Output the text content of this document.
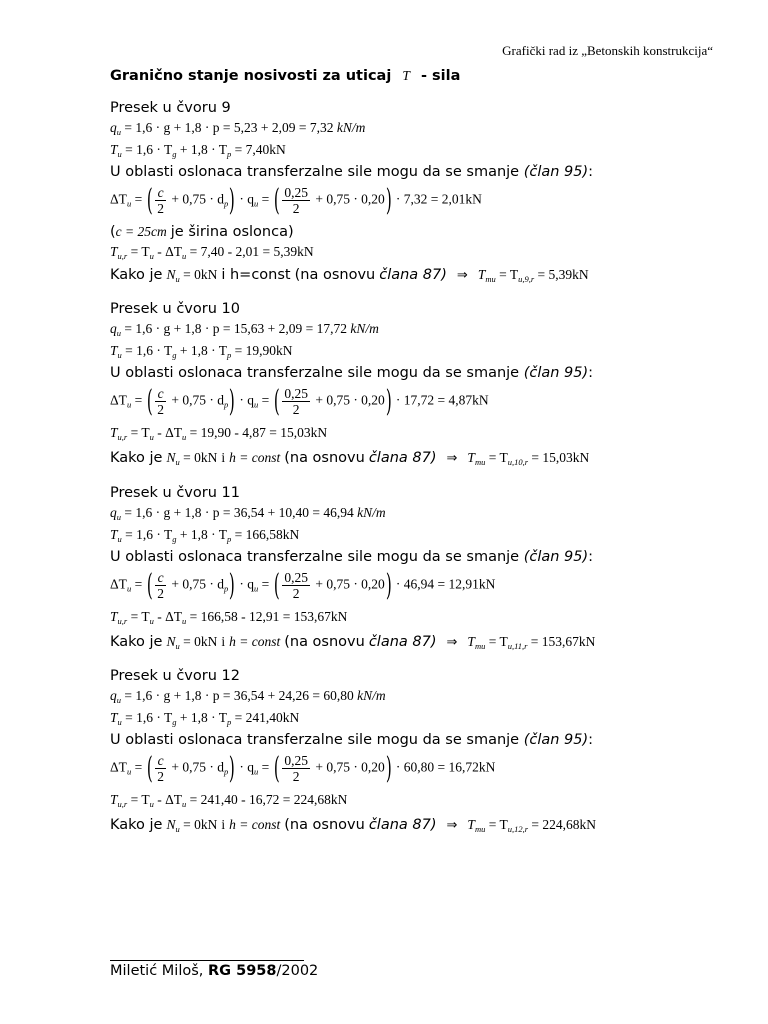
Grafički rad iz „Betonskih konstrukcija“
Granično stanje nosivosti za uticaj T - sila
Presek u čvoru 9
$q_u = 1,6 \cdot g + 1,8 \cdot p = 5,23 + 2,09 = 7,32$ kN/m
$T_u = 1,6 \cdot T_g + 1,8 \cdot T_p = 7,40kN$
U oblasti oslonaca transferzalne sile mogu da se smanje (član 95):
$\Delta T_u$ = ( $\frac{c}{2} + 0,75 \cdot d_p) \cdot q_u$ = ( $\frac{0,25}{2} + 0,75 \cdot 0,20) \cdot 7,32 = 2,01kN$
(c = 25cm je širina oslonca)
$T_{u,r} = T_u - \Delta T_u = 7,40 - 2,01 = 5,39kN$
Kako je $N_u = 0kN$ i h=const (na osnovu člana 87) ⇒ $T_{mu} = T_{u,9,r} = 5,39kN$
Presek u čvoru 10
$q_u = 1,6 \cdot g + 1,8 \cdot p = 15,63 + 2,09 = 17,72$ kN/m
$T_u = 1,6 \cdot T_g + 1,8 \cdot T_p = 19,90kN$
U oblasti oslonaca transferzalne sile mogu da se smanje (član 95):
$\Delta T_u$ = ( $\frac{c}{2} + 0,75 \cdot d_p) \cdot q_u$ = ( $\frac{0,25}{2} + 0,75 \cdot 0,20) \cdot 17,72 = 4,87kN$
$T_{u,r} = T_u - \Delta T_u = 19,90 - 4,87 = 15,03kN$
Kako je $N_u = 0kN$ i h = const (na osnovu člana 87) ⇒ $T_{mu} = T_{u,10,r} = 15,03kN$
Presek u čvoru 11
$q_u = 1,6 \cdot g + 1,8 \cdot p = 36,54 + 10,40 = 46,94$ kN/m
$T_u = 1,6 \cdot T_g + 1,8 \cdot T_p = 166,58kN$
U oblasti oslonaca transferzalne sile mogu da se smanje (član 95):
$\Delta T_u$ = ( $\frac{c}{2} + 0,75 \cdot d_p) \cdot q_u$ = ( $\frac{0,25}{2} + 0,75 \cdot 0,20) \cdot 46,94 = 12,91kN$
$T_{u,r} = T_u - \Delta T_u = 166,58 - 12,91 = 153,67kN$
Kako je $N_u = 0kN$ i h = const (na osnovu člana 87) ⇒ $T_{mu} = T_{u,11,r} = 153,67kN$
Presek u čvoru 12
$q_u = 1,6 \cdot g + 1,8 \cdot p = 36,54 + 24,26 = 60,80$ kN/m
$T_u = 1,6 \cdot T_g + 1,8 \cdot T_p = 241,40kN$
U oblasti oslonaca transferzalne sile mogu da se smanje (član 95):
$\Delta T_u$ = ( $\frac{c}{2} + 0,75 \cdot d_p) \cdot q_u$ = ( $\frac{0,25}{2} + 0,75 \cdot 0,20) \cdot 60,80 = 16,72kN$
$T_{u,r} = T_u - \Delta T_u = 241,40 - 16,72 = 224,68kN$
Kako je $N_u = 0kN$ i h = const (na osnovu člana 87) ⇒ $T_{mu} = T_{u,12,r} = 224,68kN$
Miletić Miloš, RG 5958/2002
